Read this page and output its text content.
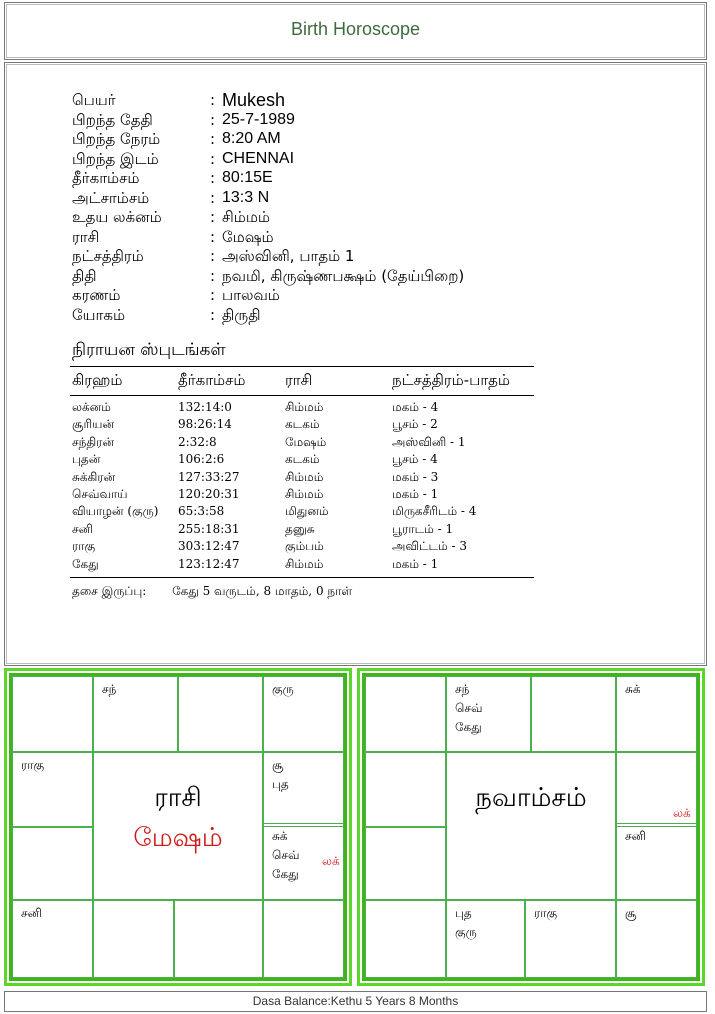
Birth Horoscope
பெயர்	: Mukesh
பிறந்த தேதி	: 25-7-1989
பிறந்த நேரம்	: 8:20 AM
பிறந்த இடம்	: CHENNAI
தீர்காம்சம்	: 80:15E
அட்சாம்சம்	: 13:3 N
உதய லக்னம்	: சிம்மம்
ராசி	: மேஷம்
நட்சத்திரம்	: அஸ்வினி, பாதம் 1
திதி	: நவமி, கிருஷ்ணபக்ஷம் (தேய்பிறை)
கரணம்	: பாலவம்
யோகம்	: திருதி
நிராயன ஸ்புடங்கள்
கிரஹம்	தீர்காம்சம்	ராசி	நட்சத்திரம்-பாதம்
லக்னம்	132:14:0	சிம்மம்	மகம் - 4
சூரியன்	98:26:14	கடகம்	பூசம் - 2
சந்திரன்	2:32:8	மேஷம்	அஸ்வினி - 1
புதன்	106:2:6	கடகம்	பூசம் - 4
சுக்கிரன்	127:33:27	சிம்மம்	மகம் - 3
செவ்வாய்	120:20:31	சிம்மம்	மகம் - 1
வியாழன் (குரு) 65:3:58	மிதுனம்	மிருகசீரிடம் - 4
சனி	255:18:31	தனுசு	பூராடம் - 1
ராகு	303:12:47	கும்பம்	அவிட்டம் - 3
கேது	123:12:47	சிம்மம்	மகம் - 1
தசை இருப்பு: கேது 5 வருடம், 8 மாதம், 0 நாள்
சந்	குரு
ராகு	சூ
புத
சுக்
செவ்
கேது
சனி
ராசி
மேஷம்
லக்
சந்
செவ்
கேது
சுக்
சனி
புத
குரு
ராகு	சூ
நவாம்சம்	லக்
Dasa Balance:Kethu 5 Years 8 Months
